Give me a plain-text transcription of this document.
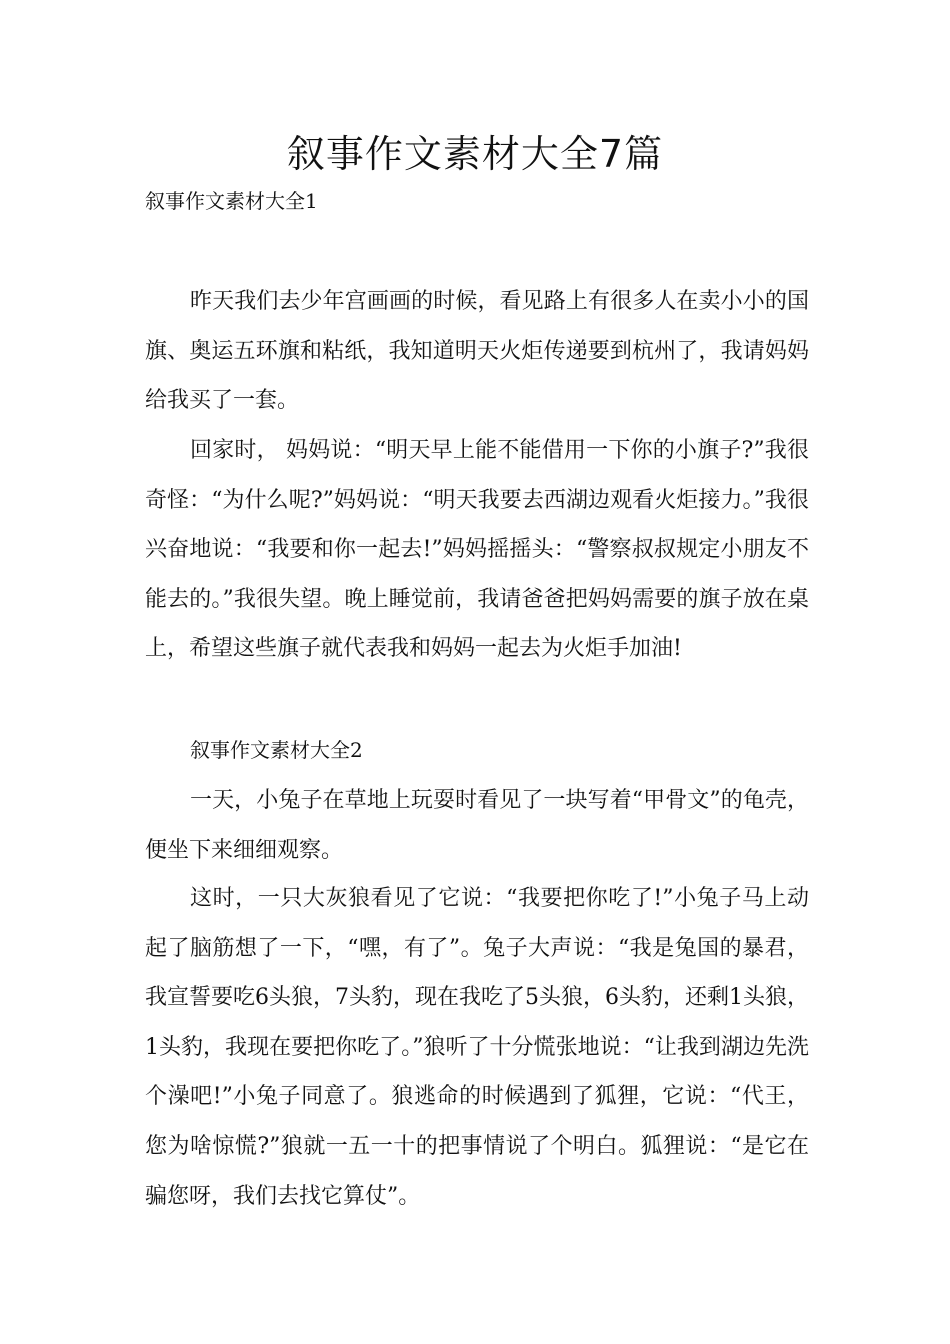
叙事作文素材大全7篇
叙事作文素材大全1

昨天我们去少年宫画画的时候，看见路上有很多人在卖小小的国旗、奥运五环旗和粘纸，我知道明天火炬传递要到杭州了，我请妈妈给我买了一套。

回家时， 妈妈说：“明天早上能不能借用一下你的小旗子?”我很奇怪：“为什么呢?”妈妈说：“明天我要去西湖边观看火炬接力。”我很兴奋地说：“我要和你一起去!”妈妈摇摇头：“警察叔叔规定小朋友不能去的。”我很失望。晚上睡觉前，我请爸爸把妈妈需要的旗子放在桌上，希望这些旗子就代表我和妈妈一起去为火炬手加油!

叙事作文素材大全2

一天，小兔子在草地上玩耍时看见了一块写着“甲骨文”的龟壳，便坐下来细细观察。

这时，一只大灰狼看见了它说：“我要把你吃了!”小兔子马上动起了脑筋想了一下，“嘿，有了”。兔子大声说：“我是兔国的暴君，我宣誓要吃6头狼，7头豹，现在我吃了5头狼，6头豹，还剩1头狼，1头豹，我现在要把你吃了。”狼听了十分慌张地说：“让我到湖边先洗个澡吧!”小兔子同意了。狼逃命的时候遇到了狐狸，它说：“代王，您为啥惊慌?”狼就一五一十的把事情说了个明白。狐狸说：“是它在骗您呀，我们去找它算仗”。
